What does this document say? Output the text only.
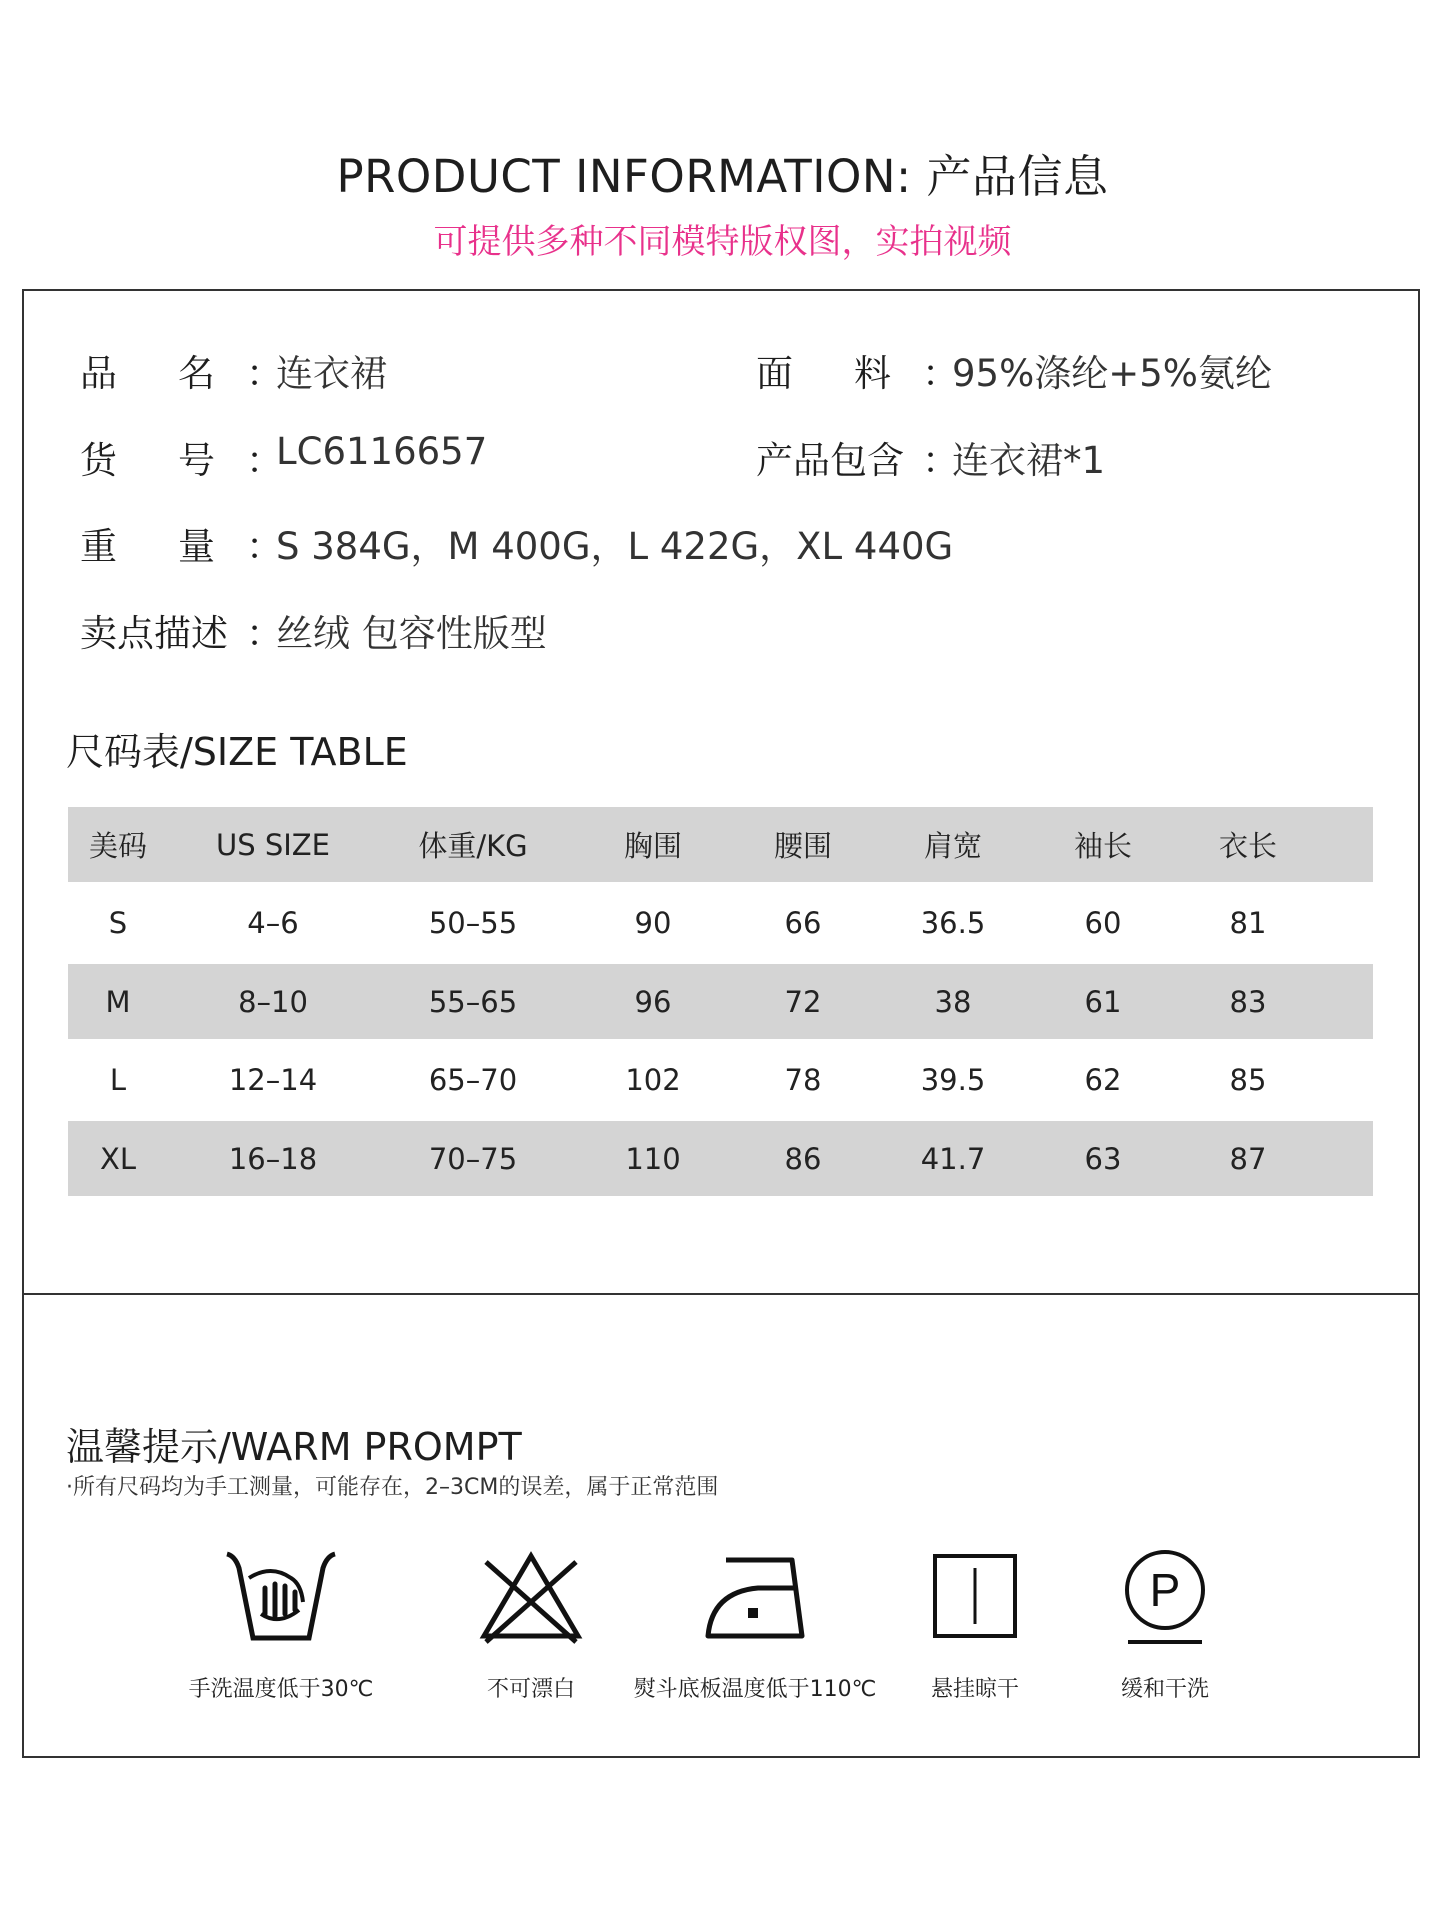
PRODUCT INFORMATION: 产品信息
可提供多种不同模特版权图，实拍视频
品 名 ：
连衣裙	面 料 ：
95%涤纶+5%氨纶
货 号 ：
LC6116657	产品包含 ：
连衣裙*1
重 量 ：
S 384G，M 400G，L 422G，XL 440G
卖点描述 ：
丝绒 包容性版型
尺码表/SIZE TABLE
美码	US SIZE	体重/KG	胸围	腰围	肩宽	袖长	衣长
S	4–6	50–55	90	66	36.5	60	81
M	8–10	55–65	96	72	38	61	83
L	12–14	65–70	102	78	39.5	62	85
XL	16–18	70–75	110	86	41.7	63	87
温馨提示/WARM PROMPT
·所有尺码均为手工测量，可能存在，2–3CM的误差，属于正常范围
手洗温度低于30℃	不可漂白	熨斗底板温度低于110℃	悬挂晾干
P
缓和干洗
